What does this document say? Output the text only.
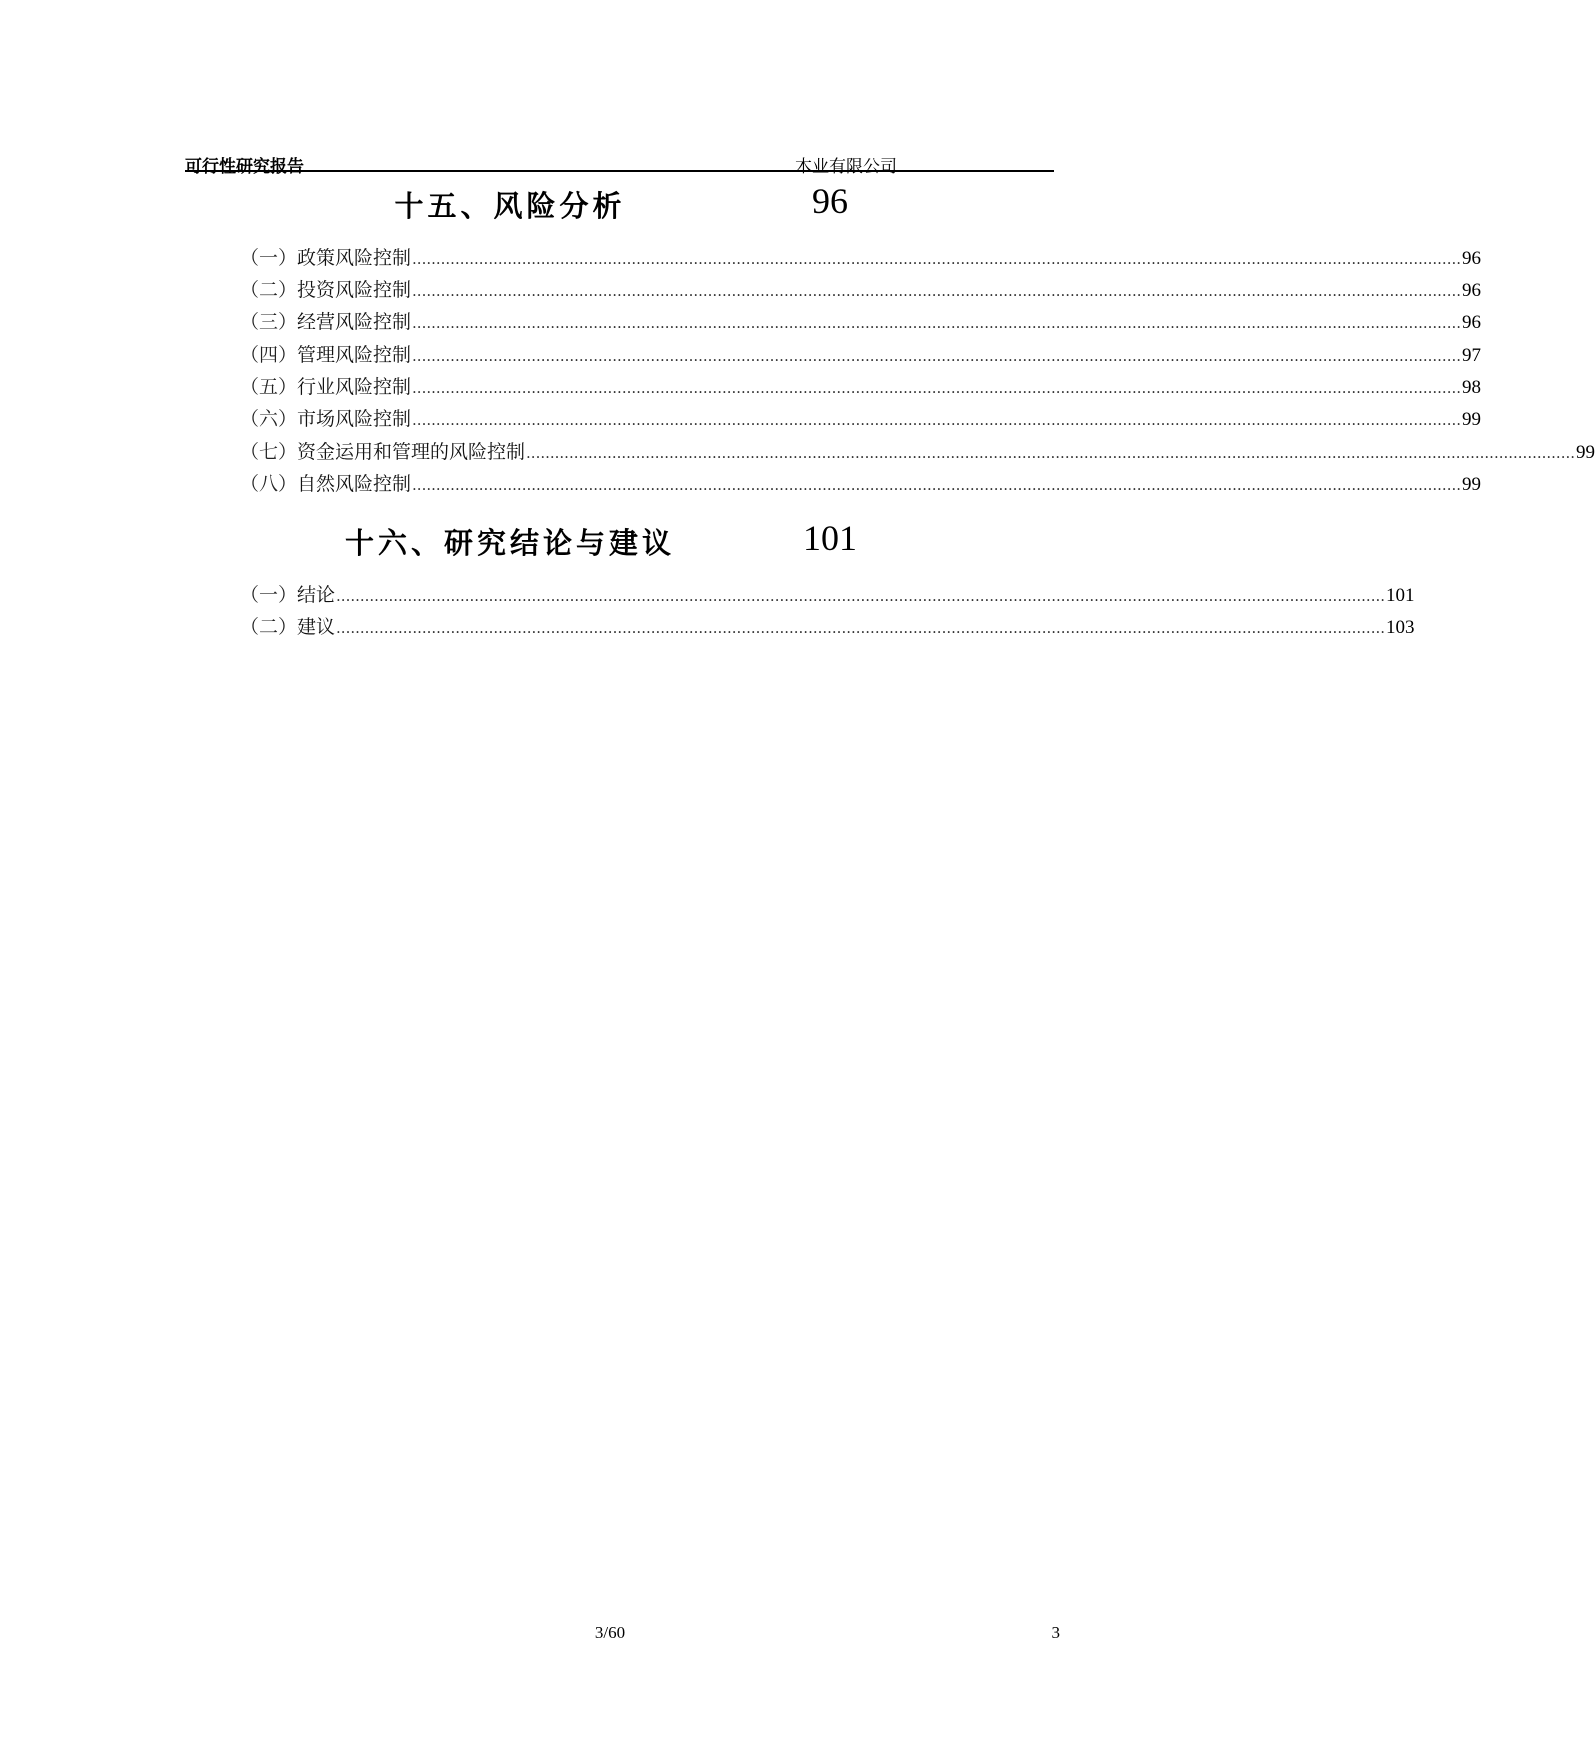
可行性研究报告	木业有限公司
十五、风险分析	96
（一） 政策风险控制 ............................................................................................................................................................................................................................ 96
（二） 投资风险控制 ............................................................................................................................................................................................................................ 96
（三） 经营风险控制 ............................................................................................................................................................................................................................ 96
（四） 管理风险控制 ............................................................................................................................................................................................................................ 97
（五） 行业风险控制 ............................................................................................................................................................................................................................ 98
（六） 市场风险控制 ............................................................................................................................................................................................................................ 99
（七） 资金运用和管理的风险控制 ............................................................................................................................................................................................................................ 99
（八） 自然风险控制 ............................................................................................................................................................................................................................ 99
十六、研究结论与建议	101
（一） 结论 ............................................................................................................................................................................................................................ 101
（二） 建议 ............................................................................................................................................................................................................................ 103
3/60	3
